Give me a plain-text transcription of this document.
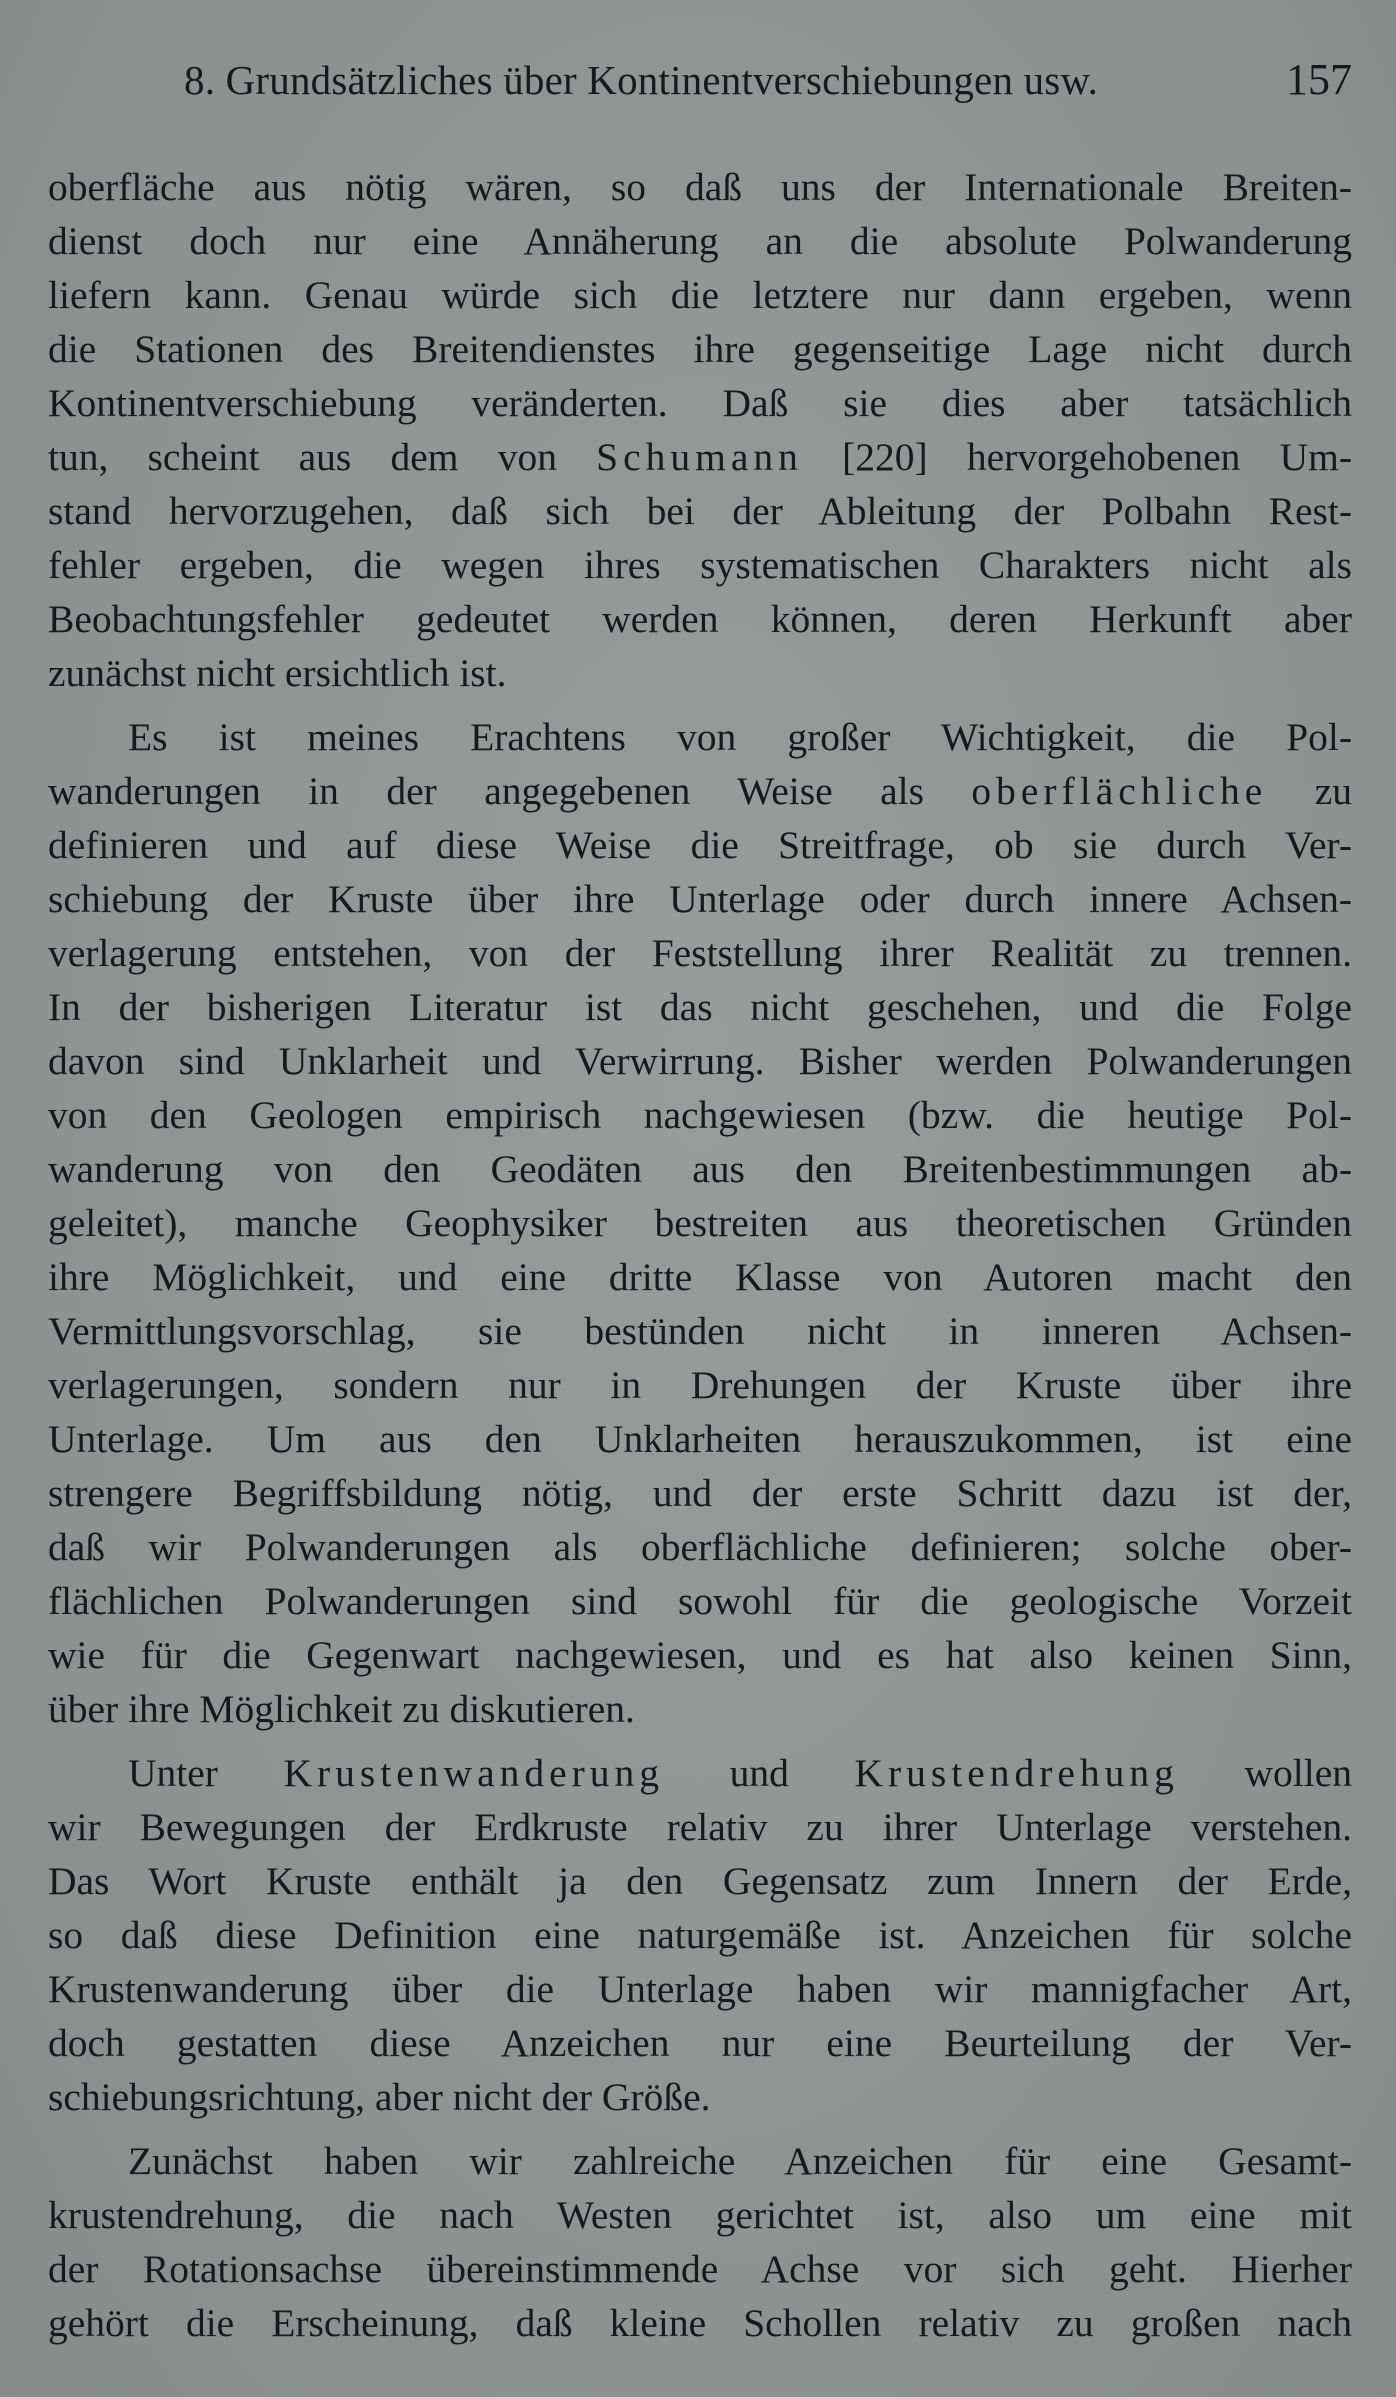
8. Grundsätzliches über Kontinentverschiebungen usw.	157
oberfläche aus nötig wären, so daß uns der Internationale Breiten-
dienst doch nur eine Annäherung an die absolute Polwanderung
liefern kann. Genau würde sich die letztere nur dann ergeben, wenn
die Stationen des Breitendienstes ihre gegenseitige Lage nicht durch
Kontinentverschiebung veränderten. Daß sie dies aber tatsächlich
tun, scheint aus dem von Schumann [220] hervorgehobenen Um-
stand hervorzugehen, daß sich bei der Ableitung der Polbahn Rest-
fehler ergeben, die wegen ihres systematischen Charakters nicht als
Beobachtungsfehler gedeutet werden können, deren Herkunft aber
zunächst nicht ersichtlich ist.
Es ist meines Erachtens von großer Wichtigkeit, die Pol-
wanderungen in der angegebenen Weise als oberflächliche zu
definieren und auf diese Weise die Streitfrage, ob sie durch Ver-
schiebung der Kruste über ihre Unterlage oder durch innere Achsen-
verlagerung entstehen, von der Feststellung ihrer Realität zu trennen.
In der bisherigen Literatur ist das nicht geschehen, und die Folge
davon sind Unklarheit und Verwirrung. Bisher werden Polwanderungen
von den Geologen empirisch nachgewiesen (bzw. die heutige Pol-
wanderung von den Geodäten aus den Breitenbestimmungen ab-
geleitet), manche Geophysiker bestreiten aus theoretischen Gründen
ihre Möglichkeit, und eine dritte Klasse von Autoren macht den
Vermittlungsvorschlag, sie bestünden nicht in inneren Achsen-
verlagerungen, sondern nur in Drehungen der Kruste über ihre
Unterlage. Um aus den Unklarheiten herauszukommen, ist eine
strengere Begriffsbildung nötig, und der erste Schritt dazu ist der,
daß wir Polwanderungen als oberflächliche definieren; solche ober-
flächlichen Polwanderungen sind sowohl für die geologische Vorzeit
wie für die Gegenwart nachgewiesen, und es hat also keinen Sinn,
über ihre Möglichkeit zu diskutieren.
Unter Krustenwanderung und Krustendrehung wollen
wir Bewegungen der Erdkruste relativ zu ihrer Unterlage verstehen.
Das Wort Kruste enthält ja den Gegensatz zum Innern der Erde,
so daß diese Definition eine naturgemäße ist. Anzeichen für solche
Krustenwanderung über die Unterlage haben wir mannigfacher Art,
doch gestatten diese Anzeichen nur eine Beurteilung der Ver-
schiebungsrichtung, aber nicht der Größe.
Zunächst haben wir zahlreiche Anzeichen für eine Gesamt-
krustendrehung, die nach Westen gerichtet ist, also um eine mit
der Rotationsachse übereinstimmende Achse vor sich geht. Hierher
gehört die Erscheinung, daß kleine Schollen relativ zu großen nach
